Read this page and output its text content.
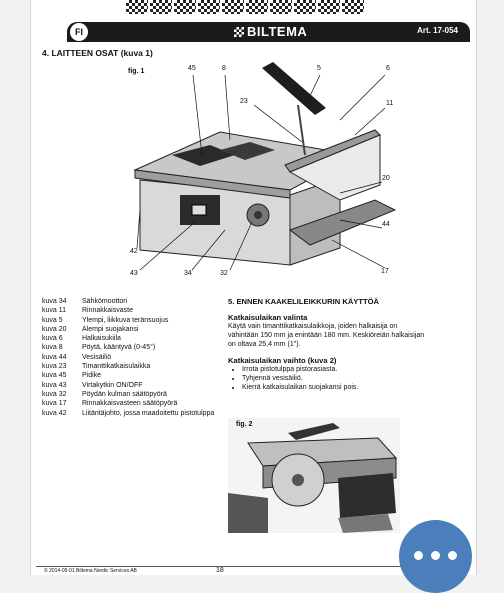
FI	BILTEMA	Art. 17-054
4. LAITTEEN OSAT (kuva 1)
fig. 1	45	8	5	6
23	11
20
44
42
43	34	32	17
kuva 34	Sähkömoottori
kuva 11	Rinnakkaisvaste
kuva 5	Ylempi, liikkuva teränsuojus
kuva 20	Alempi suojakansi
kuva 6	Halkaisukiila
kuva 8	Pöytä, kääntyvä (0-45°)
kuva 44	Vesisäiliö
kuva 23	Timanttikatkaisulaikka
kuva 45	Pidike
kuva 43	Virtakytkin ON/OFF
kuva 32	Pöydän kulman säätöpyörä
kuva 17	Rinnakkaisvasteen säätöpyörä
kuva 42	Liitäntäjohto, jossa maadoitettu pistotulppa
5. ENNEN KAAKELILEIKKURIN KÄYTTÖÄ
Katkaisulaikan valinta
Käytä vain timanttikatkaisulaikkoja, joiden halkaisija on vähintään 150 mm ja enintään 180 mm. Keskiöreiän halkaisijan on oltava 25,4 mm (1").
Katkaisulaikan vaihto (kuva 2)
• Irrota pistotulppa pistorasiasta.
• Tyhjennä vesisäiliö.
• Kierrä katkaisulaikan suojakansi pois.
fig. 2
© 2014-05-01 Biltema Nordic Services AB	18
